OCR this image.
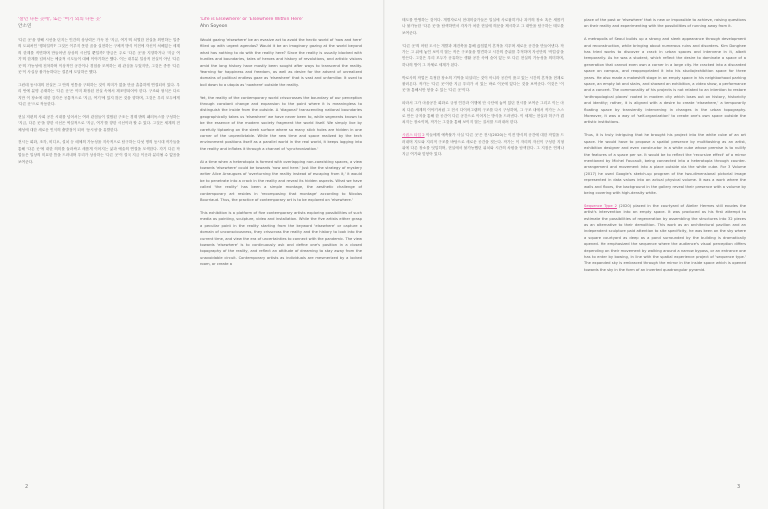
'살던 다른 곳에', 또는 '여기 외의 다른 곳'
안소연

'다른 곳'을 향해 시선을 던지는 인간의 상상력은 가득 찬 '지금, 여기'의 치열한 현실을 외면하는 일종의 도피처인 '행복일까?' 그것은 이루지 못한 꿈을 실현하는 구체적 방식 이전에 자신이 처해있는 세계의 한계를 직면하며 만들어낸 상상의 시선일 뿐일까? 방금은 주로 '다른 곳'을 지향하거나 '지금 여기'의 한계를 넘어서는 예술적 시도들이 대해 이야기하곤 했다. 이는 대부분 일상적 현실이 아닌 '다른 곳'의 가능성에 천착하며 이상적인 공간이나 경험을 모색하는 데 관심을 두었지만, 그것은 종종 '다른 곳'이 사실상 불가능하다는 결론에 도달하곤 했다.

그런데 동시대의 현실은 그 안의 빈틈을 구획하는 것이 의미가 없을 만큼 촘촘하게 연결되어 있다. 우리 안에 분명 존재하는 '다른 곳'은 이미 확장된 현실 속에서 재조명되어야 한다. 구조와 형식은 다르지만 이 장소에 대한 감각은 공통적으로 '지금, 여기'에 있지 않은 것을 향하며, 그것은 우리 모두에게 '다른 곳'으로 작동한다.

현실 저편의 사회 공간 시대를 넘어서는 여러 관점들이 결합된 구조는 경계 밖의 패러독스를 구성하는 '지금, 다른 곳'을 향한 시선은 역설적으로 '지금, 여기'를 향한 시선이라 할 수 있다. 그것은 세계의 전체성에 대한 새로운 인식의 출발점이 되어 '동시성'을 유발한다.

전시는 회화, 조각, 비디오, 설치 등 매체의 가능성을 지속적으로 탐구하는 다섯 명의 동시대 작가들을 통해 '다른 곳'에 대한 의미를 둘러싸고 새롭게 이어지는 삶과 예술의 연결을 모색한다. 각기 다른 작업들은 일상의 미묘한 틈을 드러내며 우리가 상상하는 '다른 곳'이 결국 지금 이곳과 분리될 수 없음을 보여준다.

'Life is Elsewhere' or 'Elsewhere Within Here'
Ahn Soyeon

Would gazing 'elsewhere' be an evasive act to avoid the hectic world of 'now and here' filled up with urgent agendas? Would it be an imaginary gazing at the world beyond what has nothing to do with the reality here? Since the reality is usually blocked with hurdles and boundaries, tales of heroes and history of revolutions, and artistic visions amid the long history have mostly been sought after ways to transcend the reality. Yearning for happiness and freedom, as well as desire for the advent of unrealized domains of political endless gaze as 'elsewhere' that is vast and unfamiliar. It used to boil down to a utopia as 'nowhere' outside the reality.

Yet, the reality of the contemporary world crisscrosses the boundary of our perception through constant change and expansion to the point where it is meaningless to distinguish the inside from the outside. A 'diagonal' transcending national boundaries geographically takes us 'elsewhere' we have never been to, while segments known to be the essence of the modern society fragment the world itself. We simply live by carefully tiptoeing on the sleek surface where so many stick holes are hidden in one corner of the unpredictable. While the new time and space realized by the tech environment positions itself as a parallel world in the real world, it keeps logging into the reality and inflates it through a channel of 'synchronization.'

At a time when a heterotopia is formed with overlapping non-coexisting spaces, a view towards 'elsewhere' could be towards 'now and here.' Just like the strategy of mystery writer Alice Arraugues of 'overturning the reality instead of escaping from it,' it would be to penetrate into a crack in the reality and reveal its hidden aspects. What we have called 'the reality' has been a simple montage, the aesthetic challenge of contemporary art resides in 'recomposing that montage' according to Nicolas Bourriaud. Thus, the practice of contemporary art is to be explored on 'elsewhere.'

This exhibition is a platform of five contemporary artists exploring possibilities of such media as painting, sculpture, video and installation. While the five artists either grasp a peculiar point in the reality starting from the keyword 'elsewhere' or capture a domain of unconsciousness, they crisscross the reality and the history to look into the current time, and view the era of uncertainties to connect with the pandemic. The view towards 'elsewhere' is to continuously ask and define one's position in a closed topography of the reality, and reflect an attitude of dreaming to stay away from the unavoidable circuit. Contemporary artists as individuals are mesmerized by a locked room, or create a

2

태도를 반영하는 것이다. 개별자로서 현대미술가들은 밀실에 사로잡히거나 과거의 장소 혹은 새롭거나 불가능한 '다른 곳'을 탐색하면서 각자가 처한 현실에 의문을 제시하고 그 대안을 탐구하는 태도를 보여준다.

'다른 곳'의 어떤 도시는 개발과 재건축을 통해 끊임없이 흔적을 지우며 새로운 공간을 만들어낸다. 작가는 그 위에 놓인 보이지 않는 작은 구조물을 발견하고 시간의 층위를 추적하며 자신만의 '작업실'을 만든다. 그것은 우리 모두가 공유하는 생활 공간 속에 숨어 있는 또 다른 현실의 가능성을 의미하며, 하나의 방이 그 자체로 세계가 된다.

박로사의 작업은 특정한 장소의 기억을 되살리는 것이 아니라 공간이 품고 있는 시간의 흔적을 현재로 불러온다. 작가는 '다른 곳'이란 지금 우리가 서 있는 바로 이곳에 있다는 것을 보여준다. 이것은 '이곳'을 통해서만 닿을 수 있는 '다른 곳'이다.

파라서 그가 마을공간 회화로 규정 인간과 이행에 단 극단에 놓여 있던 전시를 보여준 그리고 이는 마치 다른 세계의 이야기처럼 그 전시 다이어그램의 구조를 다시 구성하며, 그 구조 내에서 작가는 스스로 만든 규칙을 통해 한 공간이 다른 공간으로 이어지는 방식을 드러낸다. 이 세계는 현실과 허구가 겹쳐지는 장소이며, 작가는 그것을 통해 보이지 않는 질서를 드러내려 한다.

시퀀스 타입 2 이들에게 예측불가 사실 '다른 곳'은 전시(2020)는 이전 방식의 공간에 대한 작업을 드러내며 지도와 지리적 구조를 바탕으로 새로운 공간을 짓는다. 작가는 이 자리의 자신이 구성한 지형 위에 다른 장소를 덧입히며, 현실에서 불가능했던 위치와 시간의 차원을 탐색한다. 그 지점은 언제나 지금 여기와 맞닿아 있다.

place of the past or 'elsewhere' that is new or impossible to achieve, raising questions on their reality and experimenting with the possibilities of running away from it.

A metropolis of Seoul builds up a strong and sleek appearance through development and reconstruction, while bringing about numerous ruins and disorders. Kim Donghee has tried works to discover a crack in urban spaces and intervene in it, albeit temporarily. As he was a student, which reflect the desire to dominate a space of a generation that cannot even own a corner in a large city. He cracked into a discarded space on campus, and reappropriated it into his studio/exhibition space for three years. He also made a makeshift stage in an empty space in his neighborhood parking space, an empty lot and stairs, and showed an exhibition, a video show, a performance and a concert. The commonality of his projects is not related to an intention to restore 'anthropological places' rooted in modern city which loses out on history, historicity and identity; rather, it is aligned with a desire to create 'elsewhere,' a temporarily floating space by transiently intervening in changes in the urban topography. Moreover, it was a way of 'self-organization' to create one's own space outside the artistic institutions.

Thus, it is truly intriguing that he brought his project into the white cube of an art space. He would have to propose a spatial presence by multitasking as an artist, exhibition designer and even constructor in a white cube whose premise is to nullify the features of a space per se. It would be to reflect the 'recursive effect' of a mirror mentioned by Michel Foucault, being connected into a heterotopia through counter-arrangement and movement into a place outside via the white cube. For 3 Volume (2017) he used Google's sketch-up program of the two-dimensional pictorial image represented in data values into an actual physical volume. It was a work where the walls and floors, the background in the gallery reveal their presence with a volume by being covering with high-density white.

Sequence Type 2 (2020) placed in the courtyard of Atelier Hermes still exudes the artist's intervention into an empty space. It was produced as his first attempt to estimate the possibilities of regeneration by assembling the structures into 32 pieces as an alternative to their demolition. This work as an architectural pavilion and an independent sculpture paid attention to site specificity, he was keen on the sky where a square courtyard as deep as a pond surrounded by the building is dramatically opened. He emphasized the sequence where the audience's visual perception differs depending on their movement by walking around a narrow bypass, or an entrance one has to enter by bowing, in line with the spatial experience project of 'sequence type.' The expanded sky is embraced through the mirror in the inside space which is opened towards the sky in the form of an inverted quadrangular pyramid.

3
